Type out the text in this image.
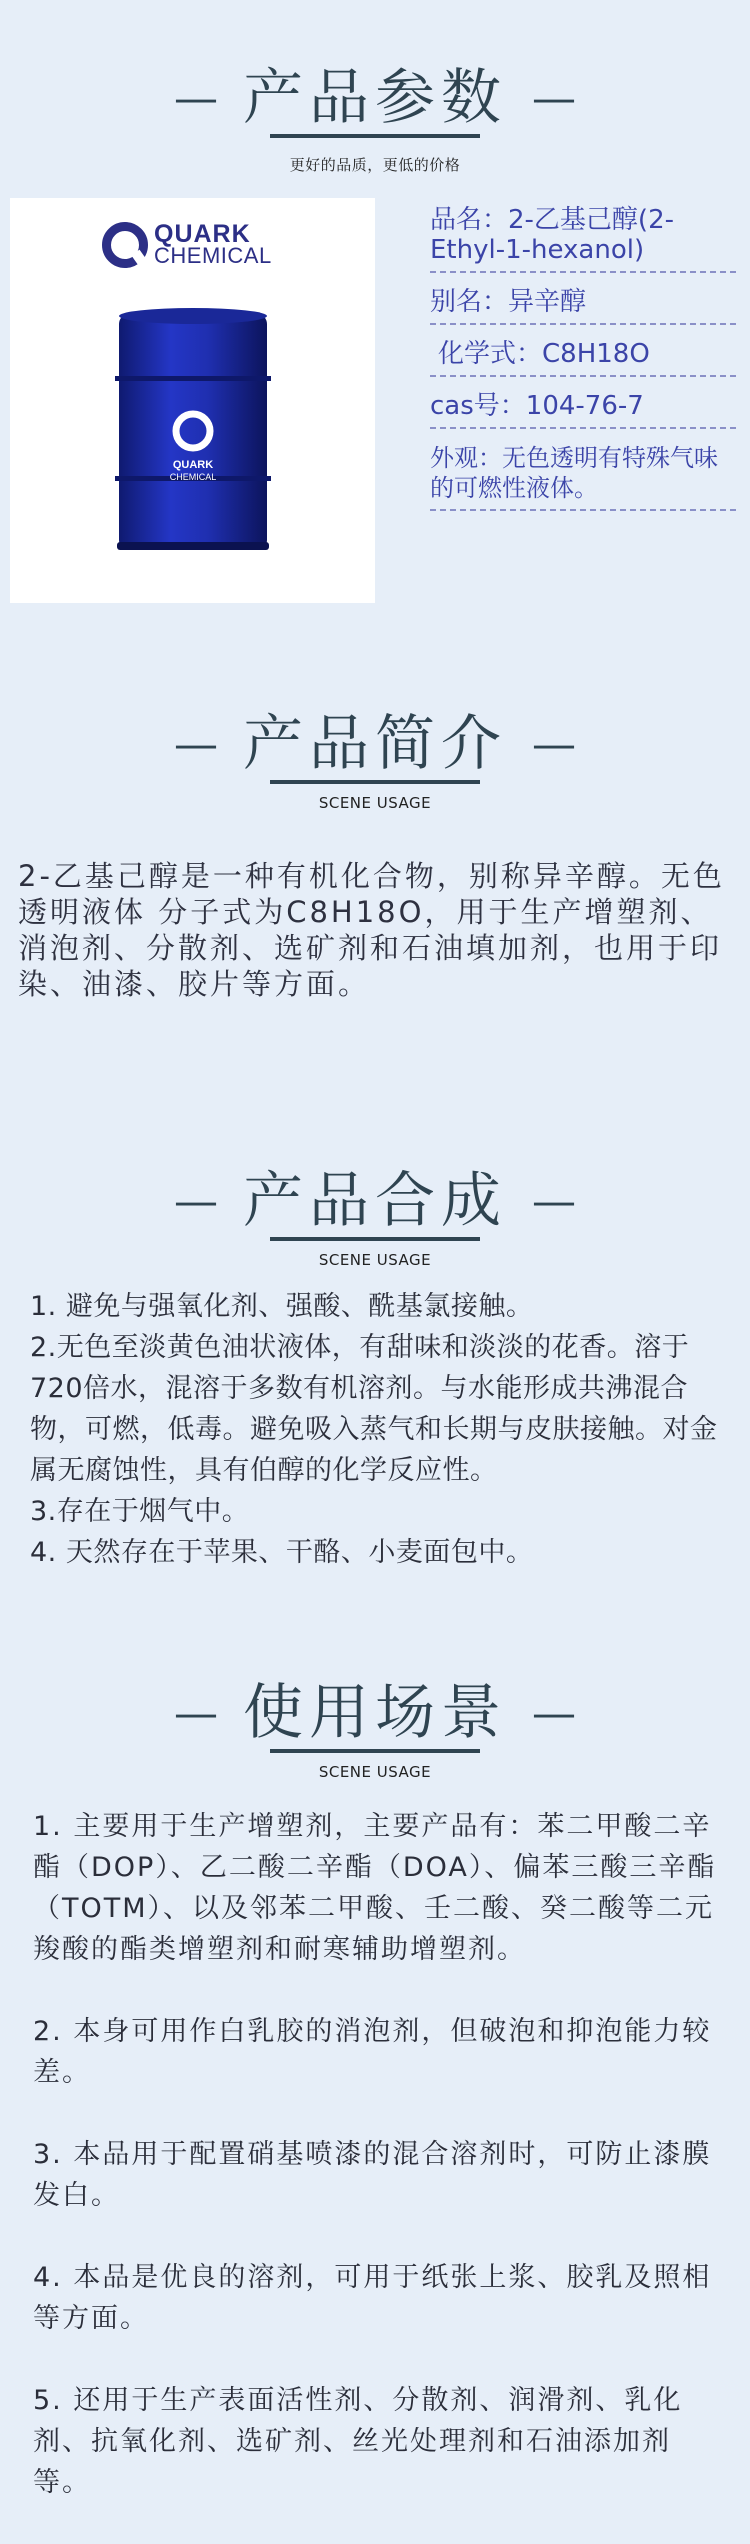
— 产品参数 —
更好的品质，更低的价格
QUARK
CHEMICAL
QUARK
CHEMICAL
品名：2-乙基己醇(2-Ethyl-1-hexanol)
别名：异辛醇
化学式：C8H18O
cas号：104-76-7
外观：无色透明有特殊气味的可燃性液体。
— 产品简介 —
SCENE USAGE
2-乙基己醇是一种有机化合物，别称异辛醇。无色透明液体 分子式为C8H18O，用于生产增塑剂、消泡剂、分散剂、选矿剂和石油填加剂，也用于印染、油漆、胶片等方面。
— 产品合成 —
SCENE USAGE

1. 避免与强氧化剂、强酸、酰基氯接触。

2.无色至淡黄色油状液体，有甜味和淡淡的花香。溶于720倍水，混溶于多数有机溶剂。与水能形成共沸混合物，可燃，低毒。避免吸入蒸气和长期与皮肤接触。对金属无腐蚀性，具有伯醇的化学反应性。

3.存在于烟气中。

4. 天然存在于苹果、干酪、小麦面包中。

— 使用场景 —
SCENE USAGE

1. 主要用于生产增塑剂，主要产品有：苯二甲酸二辛酯（DOP）、乙二酸二辛酯（DOA）、偏苯三酸三辛酯（TOTM）、以及邻苯二甲酸、壬二酸、癸二酸等二元羧酸的酯类增塑剂和耐寒辅助增塑剂。

2. 本身可用作白乳胶的消泡剂，但破泡和抑泡能力较差。

3. 本品用于配置硝基喷漆的混合溶剂时，可防止漆膜发白。

4. 本品是优良的溶剂，可用于纸张上浆、胶乳及照相等方面。

5. 还用于生产表面活性剂、分散剂、润滑剂、乳化剂、抗氧化剂、选矿剂、丝光处理剂和石油添加剂等。
